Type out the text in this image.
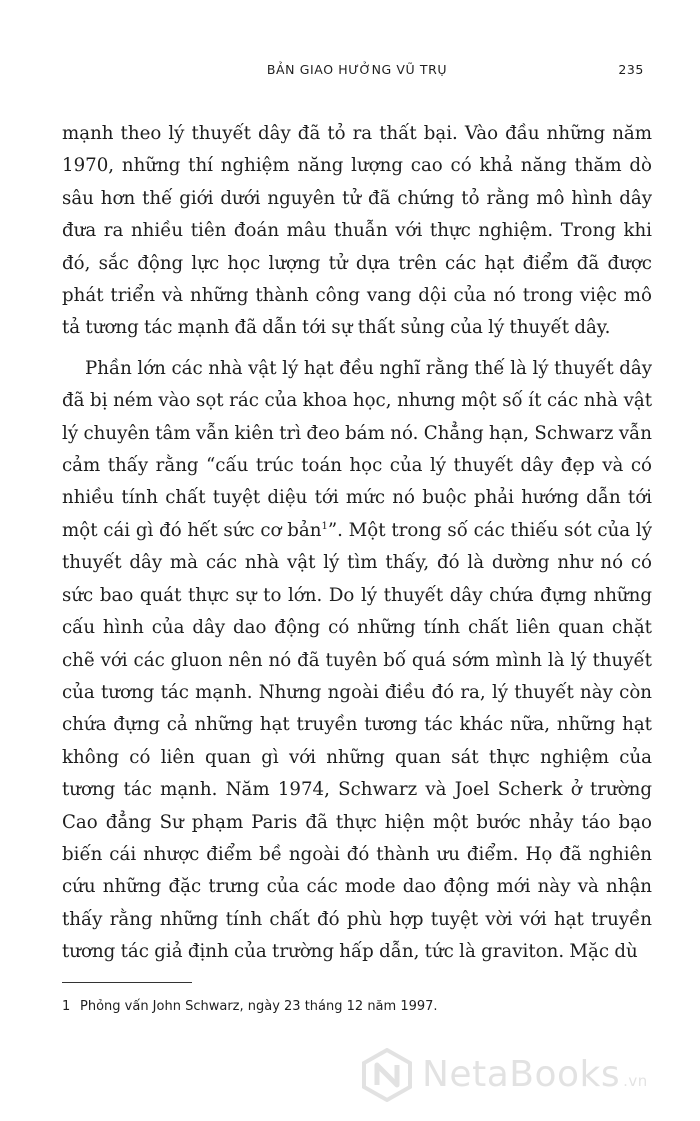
BẢN GIAO HƯỞNG VŨ TRỤ	235

mạnh theo lý thuyết dây đã tỏ ra thất bại. Vào đầu những năm 1970, những thí nghiệm năng lượng cao có khả năng thăm dò sâu hơn thế giới dưới nguyên tử đã chứng tỏ rằng mô hình dây đưa ra nhiều tiên đoán mâu thuẫn với thực nghiệm. Trong khi đó, sắc động lực học lượng tử dựa trên các hạt điểm đã được phát triển và những thành công vang dội của nó trong việc mô tả tương tác mạnh đã dẫn tới sự thất sủng của lý thuyết dây.

Phần lớn các nhà vật lý hạt đều nghĩ rằng thế là lý thuyết dây đã bị ném vào sọt rác của khoa học, nhưng một số ít các nhà vật lý chuyên tâm vẫn kiên trì đeo bám nó. Chẳng hạn, Schwarz vẫn cảm thấy rằng “cấu trúc toán học của lý thuyết dây đẹp và có nhiều tính chất tuyệt diệu tới mức nó buộc phải hướng dẫn tới một cái gì đó hết sức cơ bản$^1$”. Một trong số các thiếu sót của lý thuyết dây mà các nhà vật lý tìm thấy, đó là dường như nó có sức bao quát thực sự to lớn. Do lý thuyết dây chứa đựng những cấu hình của dây dao động có những tính chất liên quan chặt chẽ với các gluon nên nó đã tuyên bố quá sớm mình là lý thuyết của tương tác mạnh. Nhưng ngoài điều đó ra, lý thuyết này còn chứa đựng cả những hạt truyền tương tác khác nữa, những hạt không có liên quan gì với những quan sát thực nghiệm của tương tác mạnh. Năm 1974, Schwarz và Joel Scherk ở trường Cao đẳng Sư phạm Paris đã thực hiện một bước nhảy táo bạo biến cái nhược điểm bề ngoài đó thành ưu điểm. Họ đã nghiên cứu những đặc trưng của các mode dao động mới này và nhận thấy rằng những tính chất đó phù hợp tuyệt vời với hạt truyền tương tác giả định của trường hấp dẫn, tức là graviton. Mặc dù

1 Phỏng vấn John Schwarz, ngày 23 tháng 12 năm 1997.
NetaBooks .vn
